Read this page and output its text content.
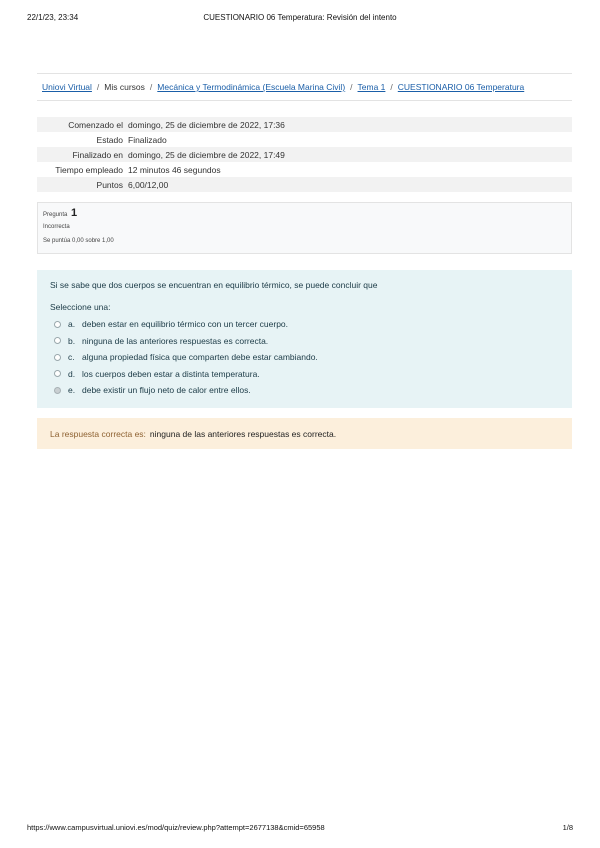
22/1/23, 23:34	CUESTIONARIO 06 Temperatura: Revisión del intento
Uniovi Virtual / Mis cursos / Mecánica y Termodinámica (Escuela Marina Civil) / Tema 1 / CUESTIONARIO 06 Temperatura
Comenzado el	domingo, 25 de diciembre de 2022, 17:36
Estado	Finalizado
Finalizado en	domingo, 25 de diciembre de 2022, 17:49
Tiempo empleado	12 minutos 46 segundos
Puntos	6,00/12,00
Pregunta 1
Incorrecta
Se puntúa 0,00 sobre 1,00

Si se sabe que dos cuerpos se encuentran en equilibrio térmico, se puede concluir que

Seleccione una:

a. deben estar en equilibrio térmico con un tercer cuerpo.
b. ninguna de las anteriores respuestas es correcta.
c. alguna propiedad física que comparten debe estar cambiando.
d. los cuerpos deben estar a distinta temperatura.
e. debe existir un flujo neto de calor entre ellos.
La respuesta correcta es: ninguna de las anteriores respuestas es correcta.
https://www.campusvirtual.uniovi.es/mod/quiz/review.php?attempt=2677138&cmid=65958	1/8
